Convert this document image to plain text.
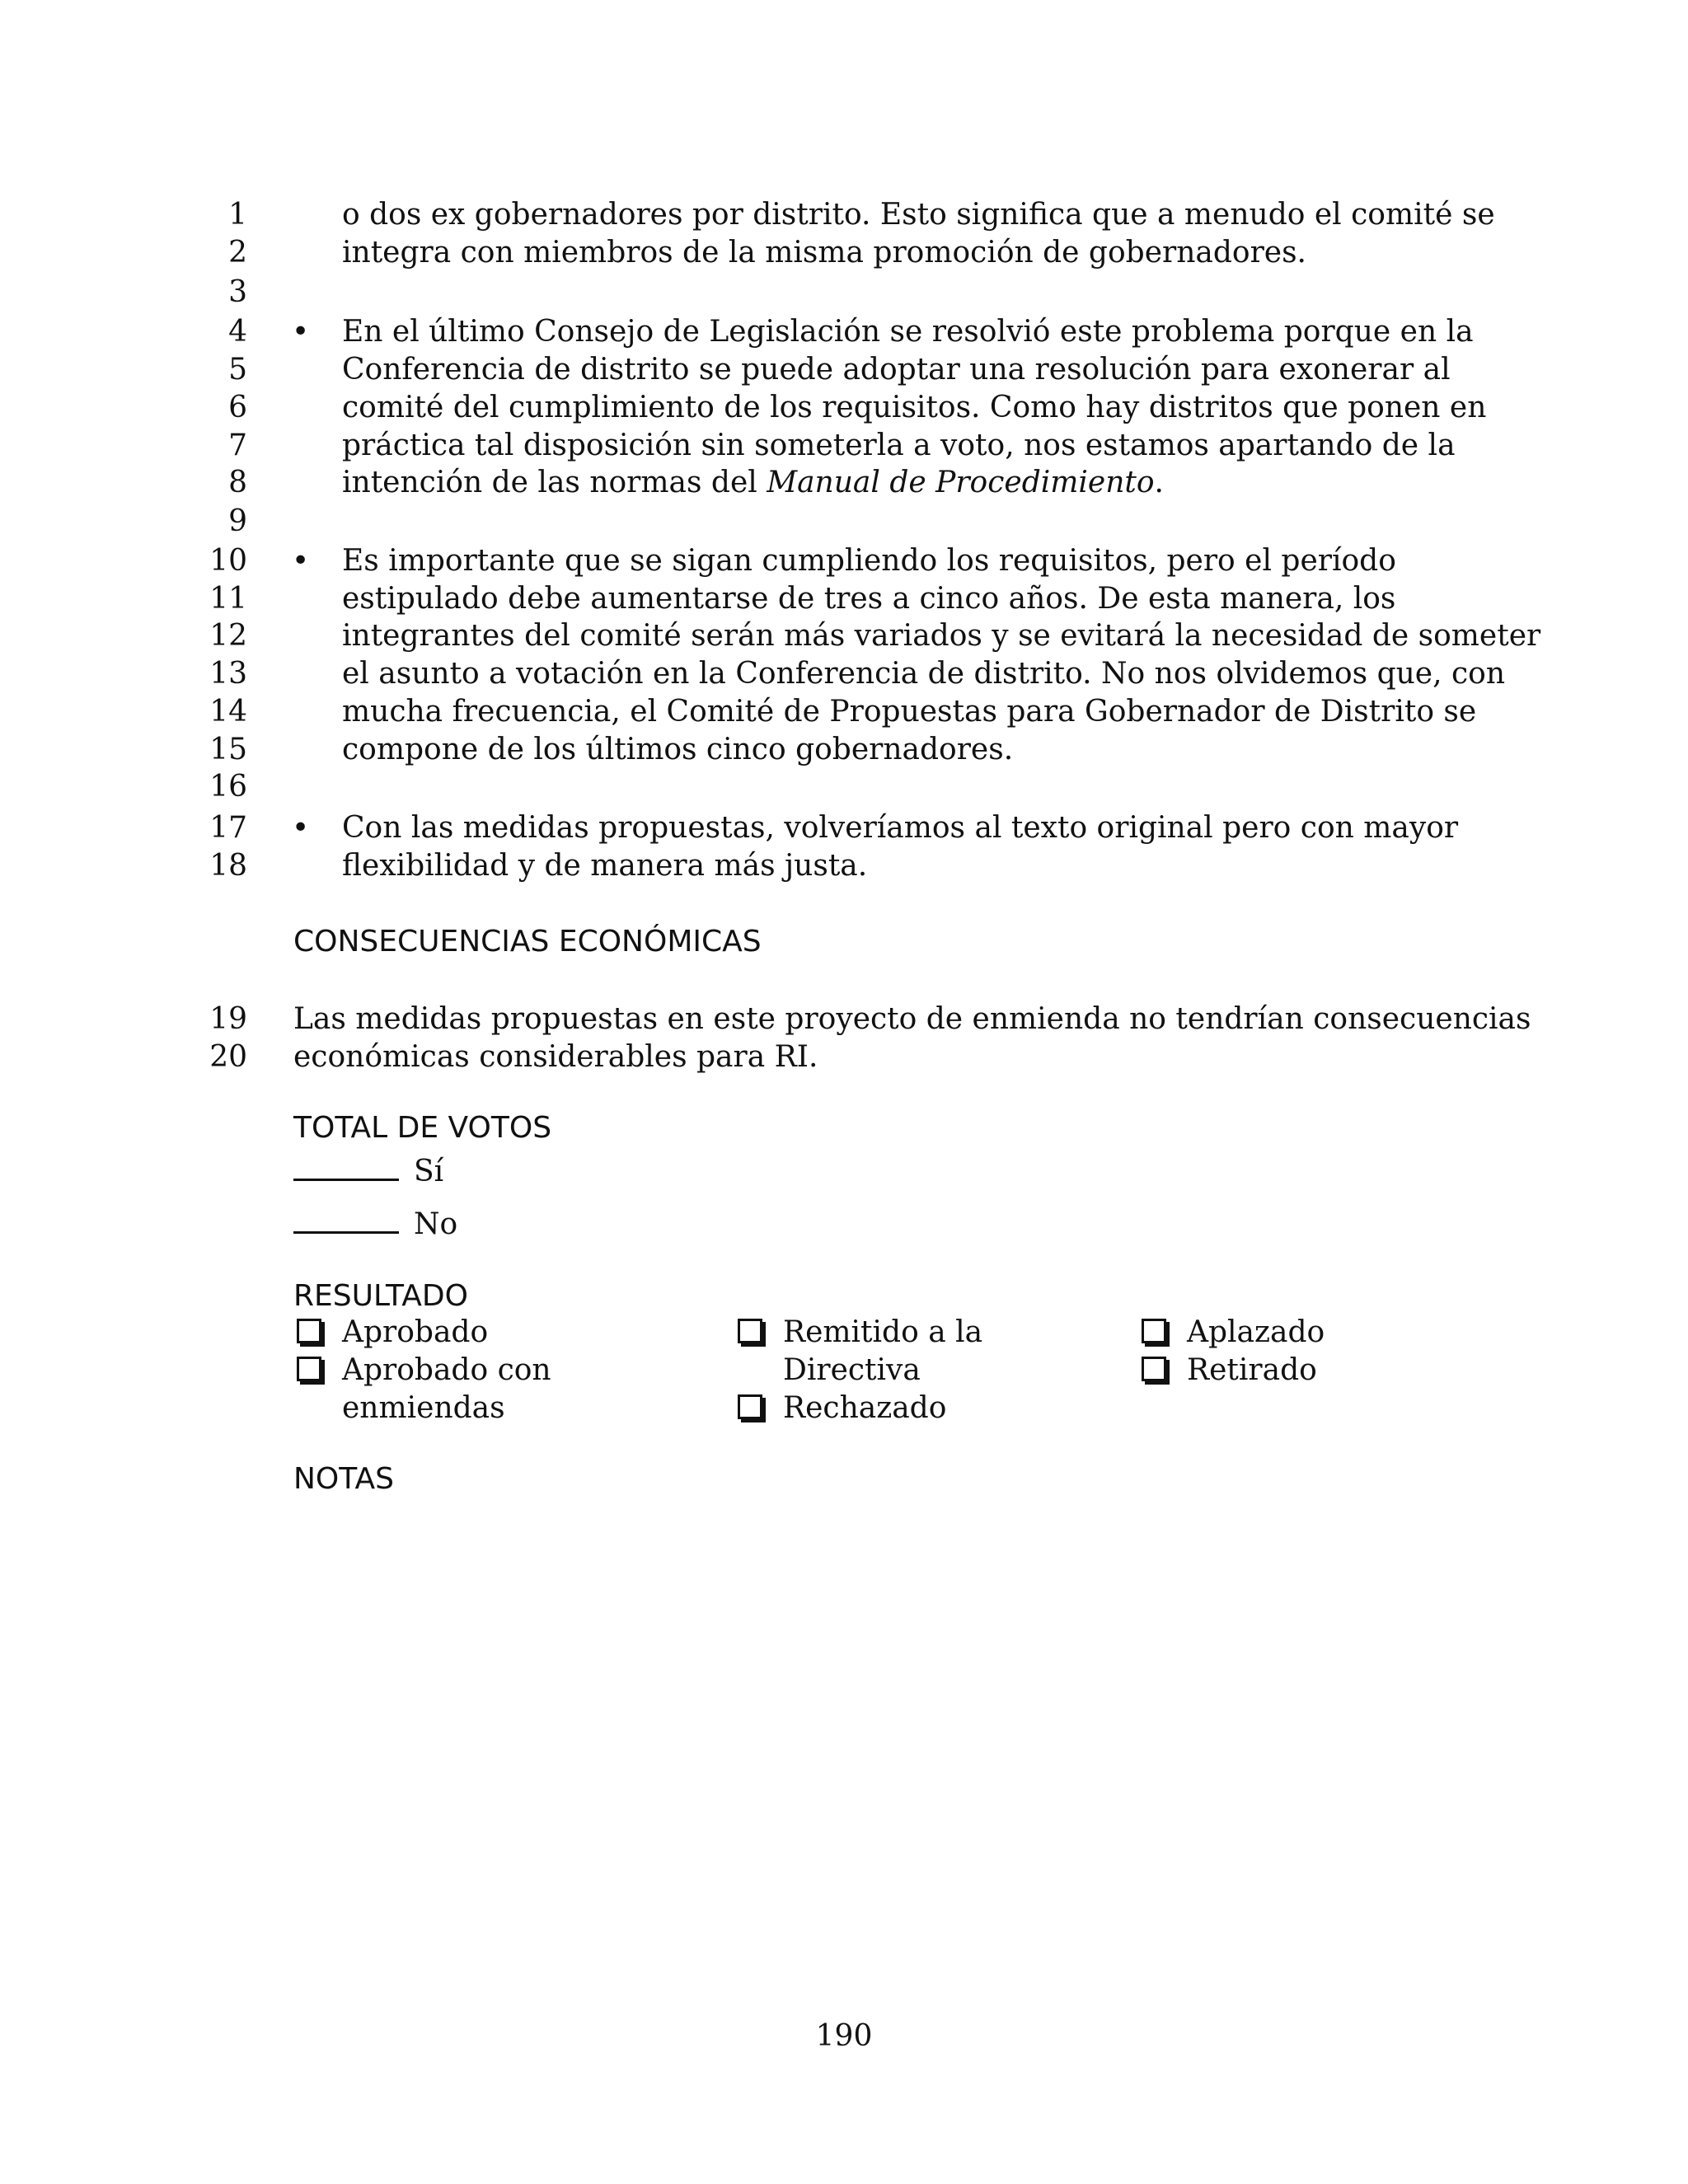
1	o dos ex gobernadores por distrito. Esto significa que a menudo el comité se
2	integra con miembros de la misma promoción de gobernadores.
3
•
4	En el último Consejo de Legislación se resolvió este problema porque en la
5	Conferencia de distrito se puede adoptar una resolución para exonerar al
6	comité del cumplimiento de los requisitos. Como hay distritos que ponen en
7	práctica tal disposición sin someterla a voto, nos estamos apartando de la
8	intención de las normas del Manual de Procedimiento.
9
•
10	Es importante que se sigan cumpliendo los requisitos, pero el período
11	estipulado debe aumentarse de tres a cinco años. De esta manera, los
12	integrantes del comité serán más variados y se evitará la necesidad de someter
13	el asunto a votación en la Conferencia de distrito. No nos olvidemos que, con
14	mucha frecuencia, el Comité de Propuestas para Gobernador de Distrito se
15	compone de los últimos cinco gobernadores.
16
•
17	Con las medidas propuestas, volveríamos al texto original pero con mayor
18	flexibilidad y de manera más justa.
CONSECUENCIAS ECONÓMICAS
19 Las medidas propuestas en este proyecto de enmienda no tendrían consecuencias
20 económicas considerables para RI.
TOTAL DE VOTOS
Sí
No
RESULTADO
Aprobado
Aprobado con
enmiendas
Remitido a la
Directiva
Rechazado
Aplazado
Retirado
NOTAS
190
